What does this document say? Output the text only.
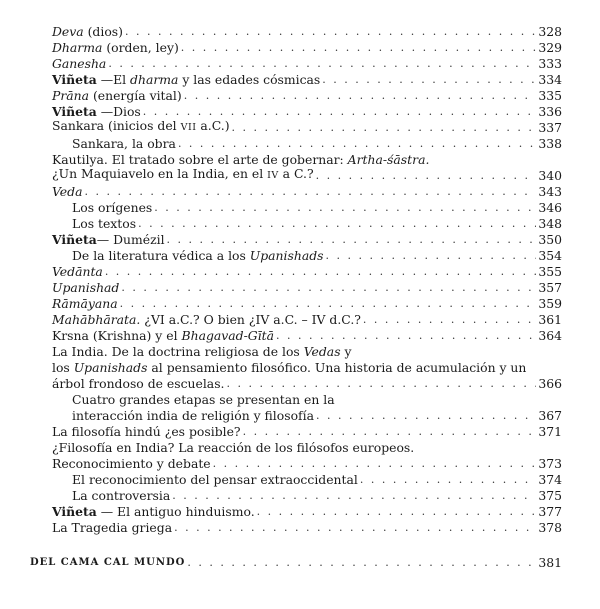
Deva (dios) . . .	328
Dharma (orden, ley) . . .	329
Ganesha . . .	333
Viñeta —El dharma y las edades cósmicas . . .	334
Prāna (energía vital) . . .	335
Viñeta —Dios . . .	336
Sankara (inicios del VII a.C.) . . .	337
Sankara, la obra . . .	338
Kautilya. El tratado sobre el arte de gobernar: Artha-śāstra.
¿Un Maquiavelo en la India, en el IV a C.? . . .	340
Veda . . .	343
Los orígenes . . .	346
Los textos . . .	348
Viñeta— Dumézil . . .	350
De la literatura védica a los Upanishads . . .	354
Vedānta . . .	355
Upanishad . . .	357
Rāmāyana . . .	359
Mahābhārata. ¿VI a.C.? O bien ¿IV a.C. – IV d.C.? . . .	361
Krsna (Krishna) y el Bhagavad-Gītā . . .	364
La India. De la doctrina religiosa de los Vedas y
los Upanishads al pensamiento filosófico. Una historia de acumulación y un
árbol frondoso de escuelas. . . .	366
Cuatro grandes etapas se presentan en la
interacción india de religión y filosofía . . .	367
La filosofía hindú ¿es posible? . . .	371
¿Filosofía en India? La reacción de los filósofos europeos.
Reconocimiento y debate . . .	373
El reconocimiento del pensar extraoccidental . . .	374
La controversia . . .	375
Viñeta — El antiguo hinduismo. . . .	377
La Tragedia griega . . .	378
DEL CAMA CAL MUNDO . . .	381
